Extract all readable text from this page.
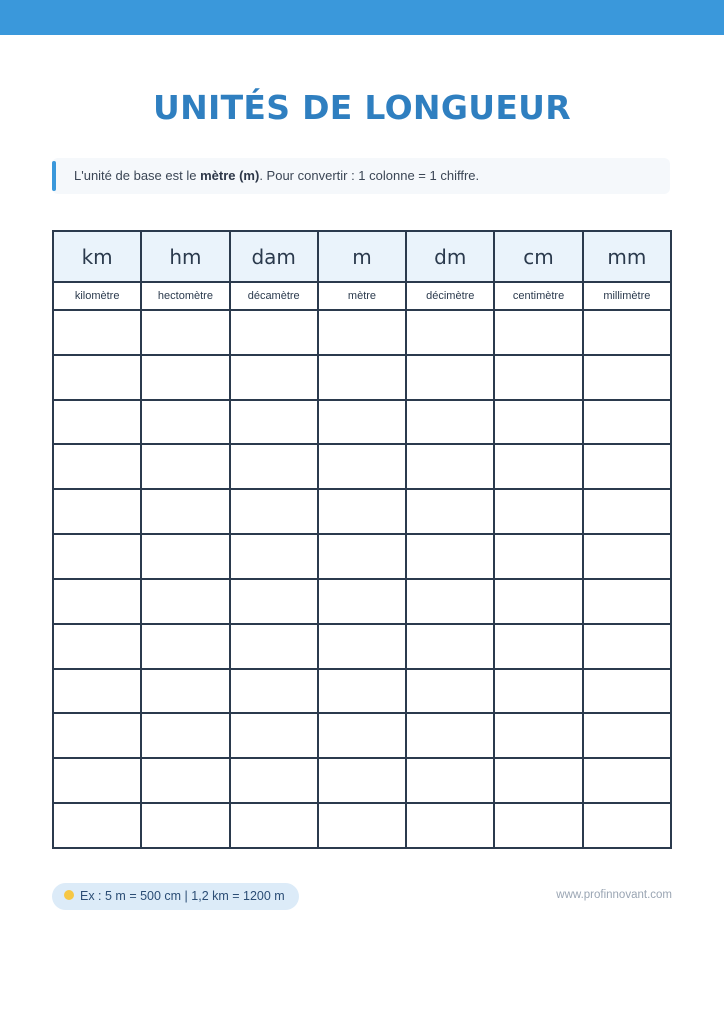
UNITÉS DE LONGUEUR
L'unité de base est le mètre (m). Pour convertir : 1 colonne = 1 chiffre.
km	hm	dam	m	dm	cm	mm
kilomètre	hectomètre	décamètre	mètre	décimètre	centimètre	millimètre

Ex : 5 m = 500 cm | 1,2 km = 1200 m	www.profinnovant.com
